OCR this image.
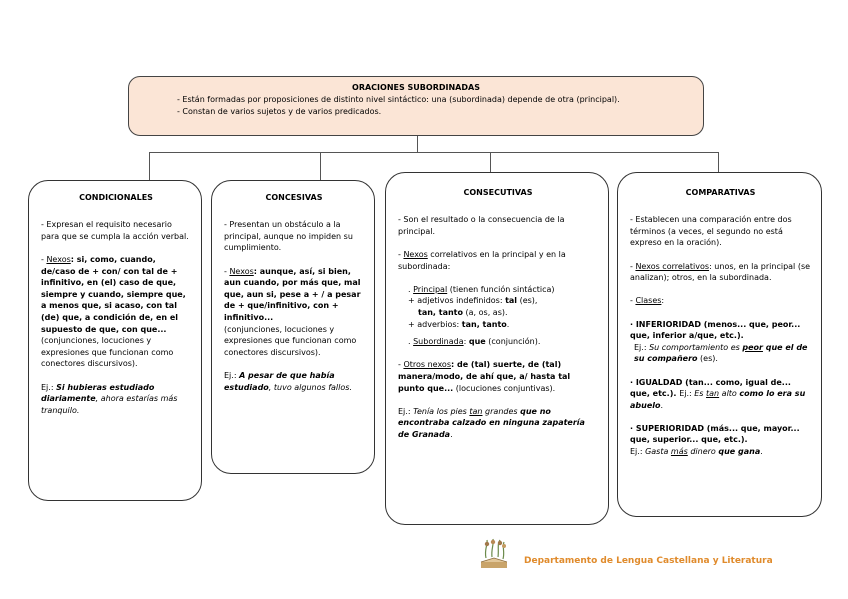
ORACIONES SUBORDINADAS
- Están formadas por proposiciones de distinto nivel sintáctico: una (subordinada) depende de otra (principal).
- Constan de varios sujetos y de varios predicados.
CONDICIONALES

- Expresan el requisito necesario para que se cumpla la acción verbal.

- Nexos: si, como, cuando, de/caso de + con/ con tal de + infinitivo, en (el) caso de que, siempre y cuando, siempre que, a menos que, si acaso, con tal (de) que, a condición de, en el supuesto de que, con que...

(conjunciones, locuciones y expresiones que funcionan como conectores discursivos).

Ej.: Si hubieras estudiado diariamente, ahora estarías más tranquilo.

CONCESIVAS

- Presentan un obstáculo a la principal, aunque no impiden su cumplimiento.

- Nexos: aunque, así, si bien, aun cuando, por más que, mal que, aun si, pese a + / a pesar de + que/infinitivo, con + infinitivo...

(conjunciones, locuciones y expresiones que funcionan como conectores discursivos).

Ej.: A pesar de que había estudiado, tuvo algunos fallos.

CONSECUTIVAS

- Son el resultado o la consecuencia de la principal.

- Nexos correlativos en la principal y en la subordinada:

. Principal (tienen función sintáctica)

+ adjetivos indefinidos: tal (es),

tan, tanto (a, os, as).

+ adverbios: tan, tanto.

. Subordinada: que (conjunción).

- Otros nexos: de (tal) suerte, de (tal) manera/modo, de ahí que, a/ hasta tal punto que... (locuciones conjuntivas).

Ej.: Tenía los pies tan grandes que no encontraba calzado en ninguna zapatería de Granada.

COMPARATIVAS

- Establecen una comparación entre dos términos (a veces, el segundo no está expreso en la oración).

- Nexos correlativos: unos, en la principal (se analizan); otros, en la subordinada.

- Clases:

· INFERIORIDAD (menos... que, peor... que, inferior a/que, etc.).

Ej.: Su comportamiento es peor que el de su compañero (es).

· IGUALDAD (tan... como, igual de... que, etc.). Ej.: Es tan alto como lo era su abuelo.

· SUPERIORIDAD (más... que, mayor... que, superior... que, etc.).

Ej.: Gasta más dinero que gana.

Departamento de Lengua Castellana y Literatura
